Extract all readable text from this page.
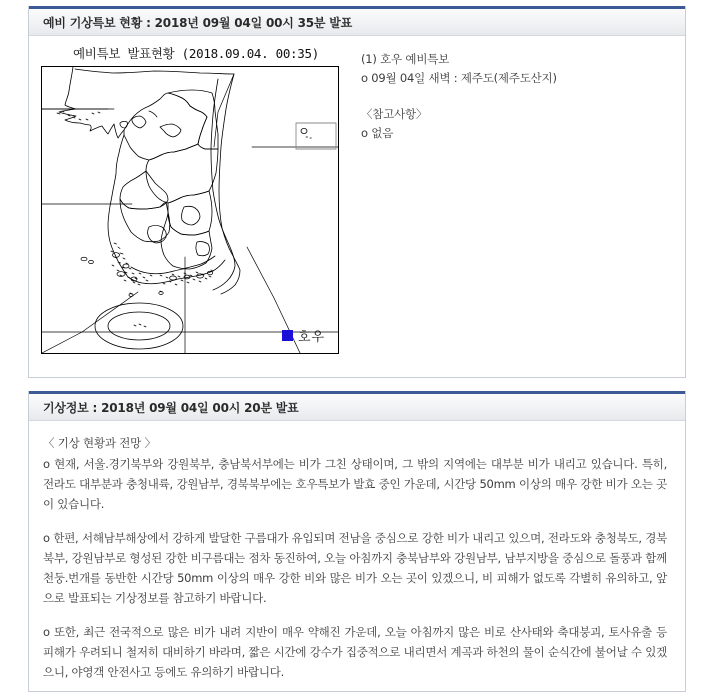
예비 기상특보 현황 : 2018년 09월 04일 00시 35분 발표
예비특보 발표현황 (2018.09.04. 00:35)
호우
(1) 호우 예비특보
o 09월 04일 새벽 : 제주도(제주도산지)
〈참고사항〉
o 없음
기상정보 : 2018년 09월 04일 00시 20분 발표
〈 기상 현황과 전망 〉

o 현재, 서울.경기북부와 강원북부, 충남북서부에는 비가 그친 상태이며, 그 밖의 지역에는 대부분 비가 내리고 있습니다. 특히, 전라도 대부분과 충청내륙, 강원남부, 경북북부에는 호우특보가 발효 중인 가운데, 시간당 50mm 이상의 매우 강한 비가 오는 곳이 있습니다.

o 한편, 서해남부해상에서 강하게 발달한 구름대가 유입되며 전남을 중심으로 강한 비가 내리고 있으며, 전라도와 충청북도, 경북북부, 강원남부로 형성된 강한 비구름대는 점차 동진하여, 오늘 아침까지 충북남부와 강원남부, 남부지방을 중심으로 돌풍과 함께 천둥.번개를 동반한 시간당 50mm 이상의 매우 강한 비와 많은 비가 오는 곳이 있겠으니, 비 피해가 없도록 각별히 유의하고, 앞으로 발표되는 기상정보를 참고하기 바랍니다.

o 또한, 최근 전국적으로 많은 비가 내려 지반이 매우 약해진 가운데, 오늘 아침까지 많은 비로 산사태와 축대붕괴, 토사유출 등 피해가 우려되니 철저히 대비하기 바라며, 짧은 시간에 강수가 집중적으로 내리면서 계곡과 하천의 물이 순식간에 불어날 수 있겠으니, 야영객 안전사고 등에도 유의하기 바랍니다.
